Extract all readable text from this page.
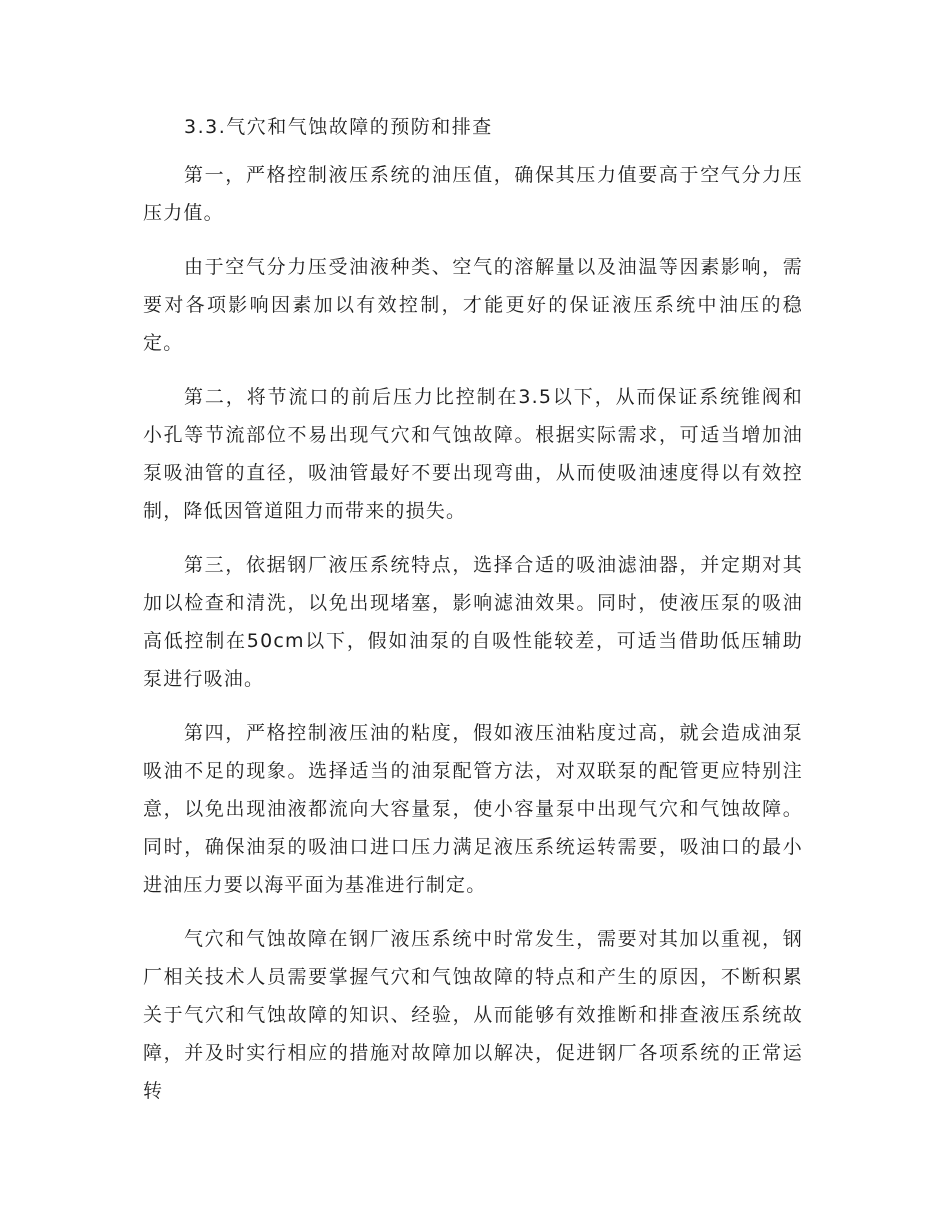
3.3.气穴和气蚀故障的预防和排查

第一，严格控制液压系统的油压值，确保其压力值要高于空气分力压压力值。

由于空气分力压受油液种类、空气的溶解量以及油温等因素影响，需要对各项影响因素加以有效控制，才能更好的保证液压系统中油压的稳定。

第二，将节流口的前后压力比控制在3.5以下，从而保证系统锥阀和小孔等节流部位不易出现气穴和气蚀故障。根据实际需求，可适当增加油泵吸油管的直径，吸油管最好不要出现弯曲，从而使吸油速度得以有效控制，降低因管道阻力而带来的损失。

第三，依据钢厂液压系统特点，选择合适的吸油滤油器，并定期对其加以检查和清洗，以免出现堵塞，影响滤油效果。同时，使液压泵的吸油高低控制在50cm以下，假如油泵的自吸性能较差，可适当借助低压辅助泵进行吸油。

第四，严格控制液压油的粘度，假如液压油粘度过高，就会造成油泵吸油不足的现象。选择适当的油泵配管方法，对双联泵的配管更应特别注意，以免出现油液都流向大容量泵，使小容量泵中出现气穴和气蚀故障。同时，确保油泵的吸油口进口压力满足液压系统运转需要，吸油口的最小进油压力要以海平面为基准进行制定。

气穴和气蚀故障在钢厂液压系统中时常发生，需要对其加以重视，钢厂相关技术人员需要掌握气穴和气蚀故障的特点和产生的原因，不断积累关于气穴和气蚀故障的知识、经验，从而能够有效推断和排查液压系统故障，并及时实行相应的措施对故障加以解决，促进钢厂各项系统的正常运转
